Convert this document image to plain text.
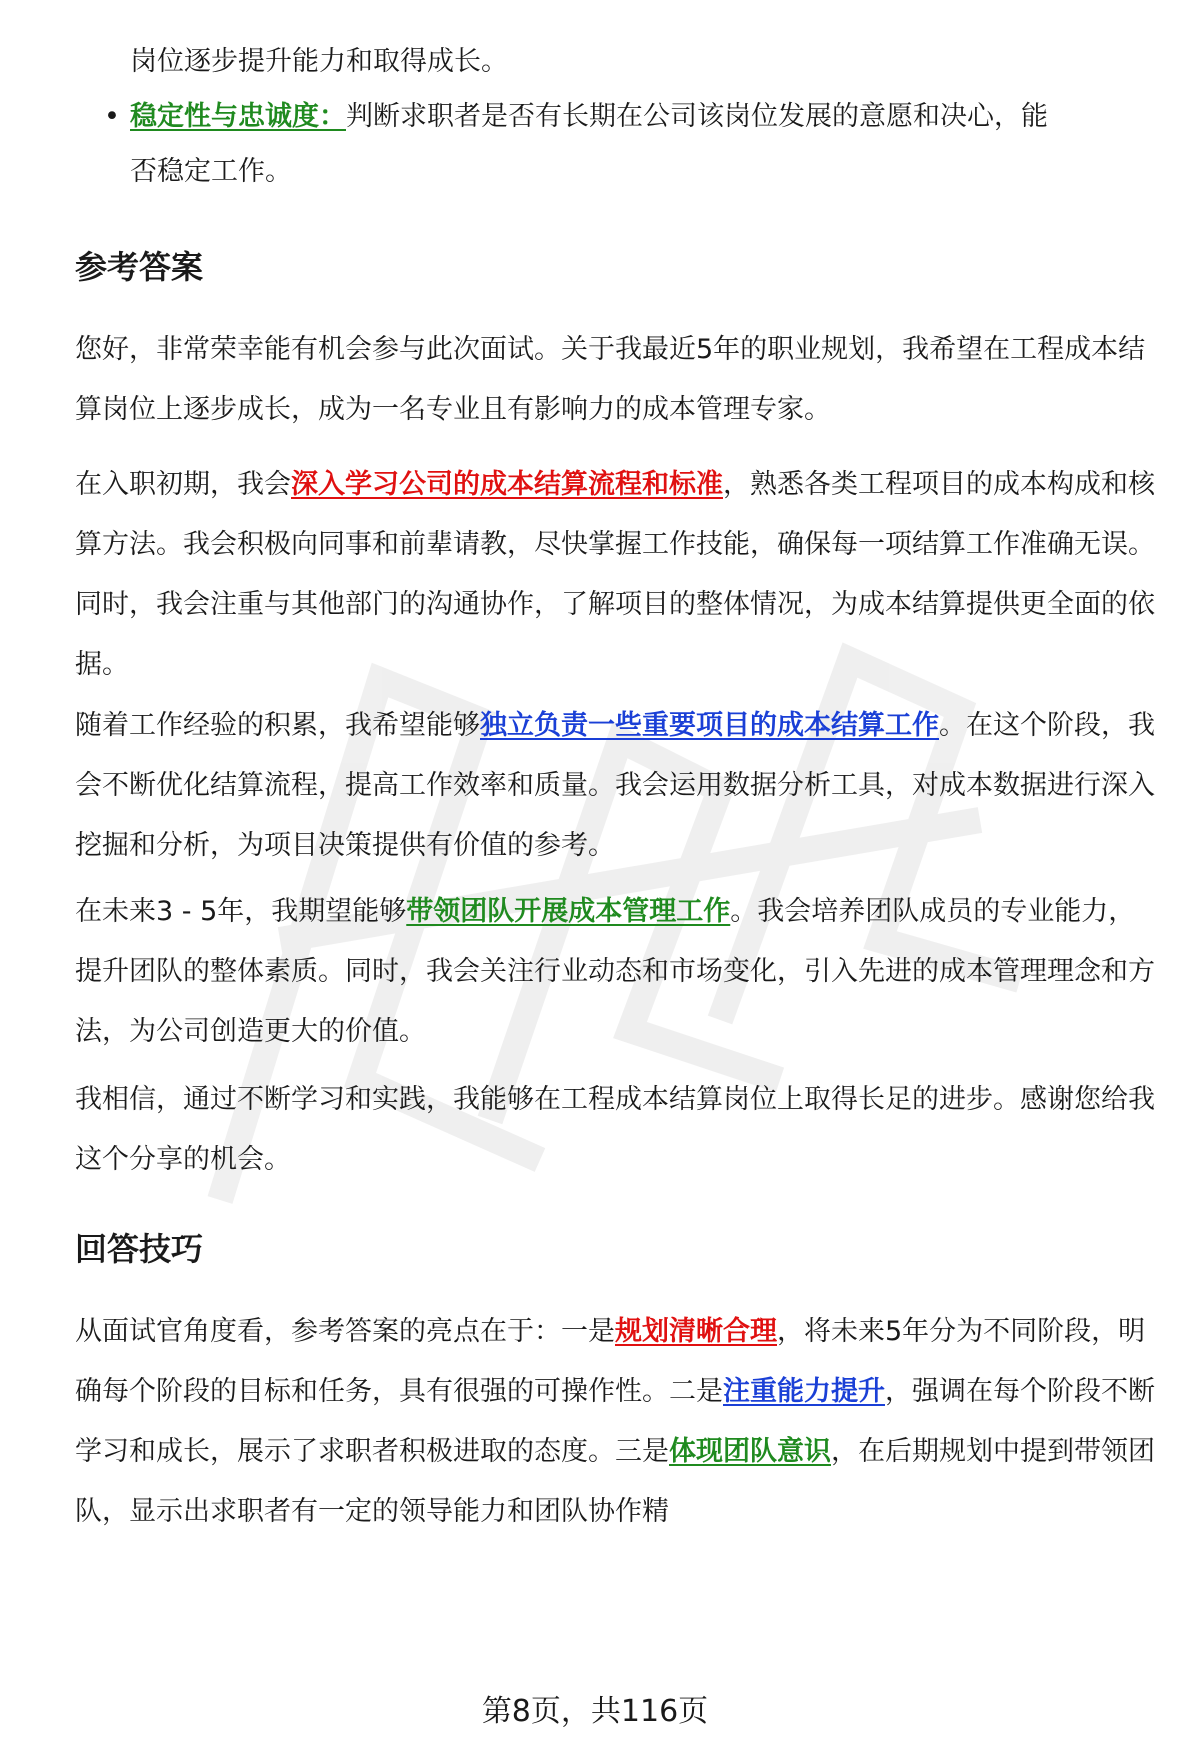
岗位逐步提升能力和取得成长。

• 稳定性与忠诚度：判断求职者是否有长期在公司该岗位发展的意愿和决心，能

否稳定工作。

参考答案

您好，非常荣幸能有机会参与此次面试。关于我最近5年的职业规划，我希望在工程成本结算岗位上逐步成长，成为一名专业且有影响力的成本管理专家。

在入职初期，我会深入学习公司的成本结算流程和标准，熟悉各类工程项目的成本构成和核算方法。我会积极向同事和前辈请教，尽快掌握工作技能，确保每一项结算工作准确无误。同时，我会注重与其他部门的沟通协作，了解项目的整体情况，为成本结算提供更全面的依据。

随着工作经验的积累，我希望能够独立负责一些重要项目的成本结算工作。在这个阶段，我会不断优化结算流程，提高工作效率和质量。我会运用数据分析工具，对成本数据进行深入挖掘和分析，为项目决策提供有价值的参考。

在未来3 - 5年，我期望能够带领团队开展成本管理工作。我会培养团队成员的专业能力，提升团队的整体素质。同时，我会关注行业动态和市场变化，引入先进的成本管理理念和方法，为公司创造更大的价值。

我相信，通过不断学习和实践，我能够在工程成本结算岗位上取得长足的进步。感谢您给我这个分享的机会。

回答技巧

从面试官角度看，参考答案的亮点在于：一是规划清晰合理，将未来5年分为不同阶段，明确每个阶段的目标和任务，具有很强的可操作性。二是注重能力提升，强调在每个阶段不断学习和成长，展示了求职者积极进取的态度。三是体现团队意识，在后期规划中提到带领团队，显示出求职者有一定的领导能力和团队协作精

第8页，共116页
